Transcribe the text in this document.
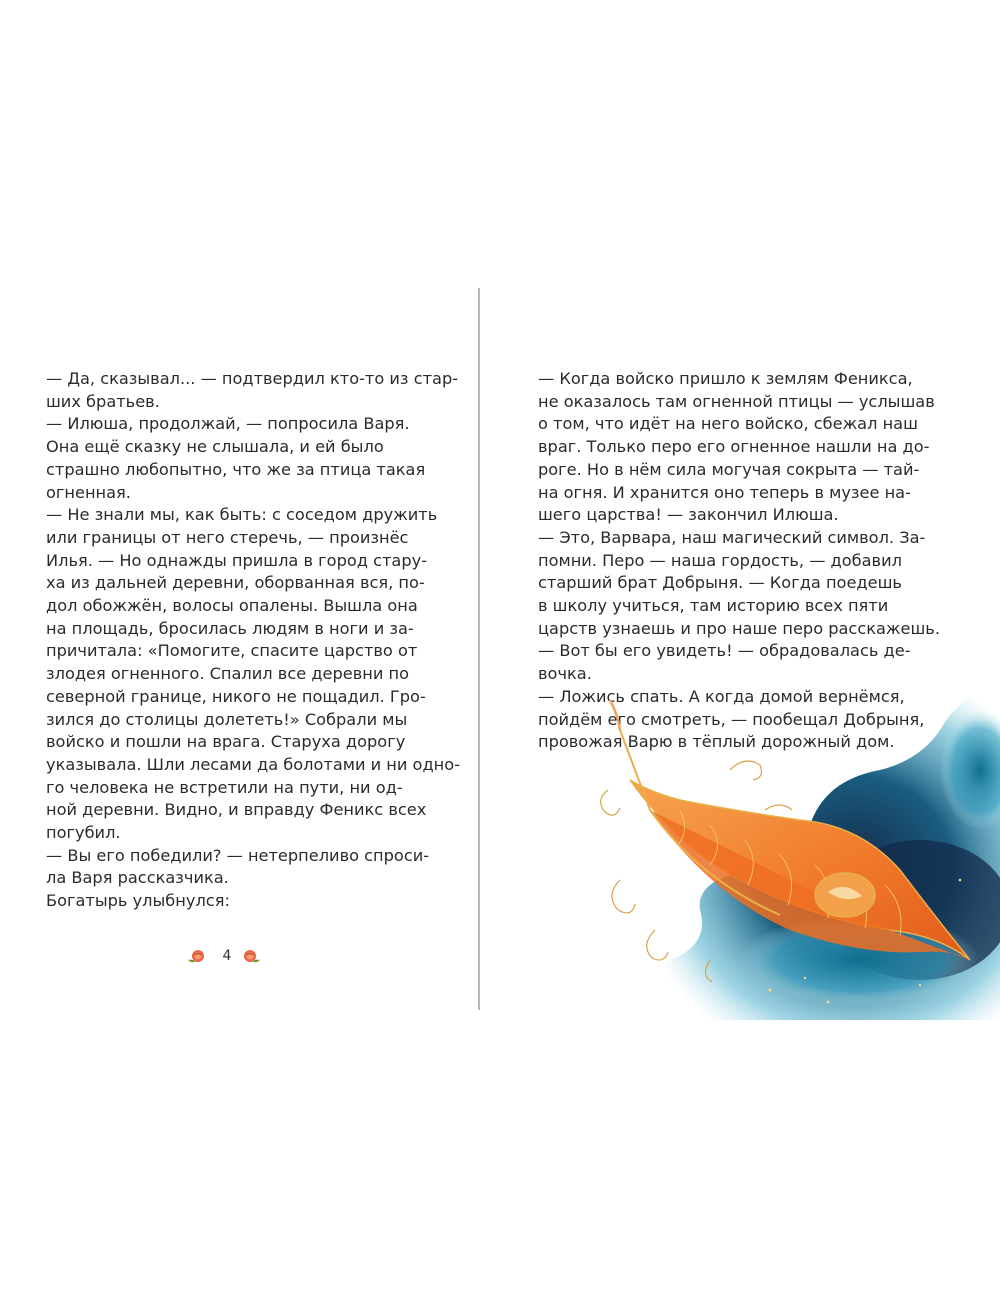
— Да, сказывал... — подтвердил кто-то из стар-

ших братьев.

— Илюша, продолжай, — попросила Варя.

Она ещё сказку не слышала, и ей было

страшно любопытно, что же за птица такая

огненная.

— Не знали мы, как быть: с соседом дружить

или границы от него стеречь, — произнёс

Илья. — Но однажды пришла в город стару-

ха из дальней деревни, оборванная вся, по-

дол обожжён, волосы опалены. Вышла она

на площадь, бросилась людям в ноги и за-

причитала: «Помогите, спасите царство от

злодея огненного. Спалил все деревни по

северной границе, никого не пощадил. Гро-

зился до столицы долететь!» Собрали мы

войско и пошли на врага. Старуха дорогу

указывала. Шли лесами да болотами и ни одно-

го человека не встретили на пути, ни од-

ной деревни. Видно, и вправду Феникс всех

погубил.

— Вы его победили? — нетерпеливо спроси-

ла Варя рассказчика.

Богатырь улыбнулся:

4

— Когда войско пришло к землям Феникса,

не оказалось там огненной птицы — услышав

о том, что идёт на него войско, сбежал наш

враг. Только перо его огненное нашли на до-

роге. Но в нём сила могучая сокрыта — тай-

на огня. И хранится оно теперь в музее на-

шего царства! — закончил Илюша.

— Это, Варвара, наш магический символ. За-

помни. Перо — наша гордость, — добавил

старший брат Добрыня. — Когда поедешь

в школу учиться, там историю всех пяти

царств узнаешь и про наше перо расскажешь.

— Вот бы его увидеть! — обрадовалась де-

вочка.

— Ложись спать. А когда домой вернёмся,

пойдём его смотреть, — пообещал Добрыня,

провожая Варю в тёплый дорожный дом.
